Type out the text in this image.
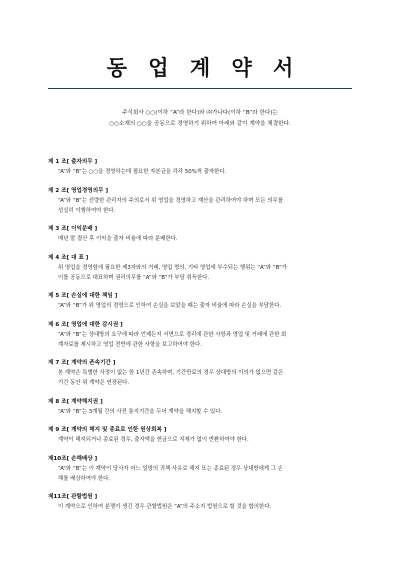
동 업 계 약 서
주식회사 ○○(이하 “A”라 한다)와 ㈜가나다(이하 “B”라 한다)는
○○소재의 ○○을 공동으로 경영하기 위하여 아래와 같이 계약을 체결한다.
제 1 조[ 출자의무 ]
“A”와 “B”는 ○○을 경영하는데 필요한 자본금을 각각 50%씩 출자한다.
제 2 조[ 영업경영의무 ]
“A”와 “B”는 선량한 관리자의 주의로서 위 영업을 경영하고 재산을 관리하여야 하며 모든 의무를
성실히 이행하여야 한다.
제 3 조[ 이익분배 ]
매년 말 결산 후 이익을 출자 비율에 따라 분배한다.
제 4 조[ 대 표 ]
위 영업을 경영함에 필요한 제3자와의 거래, 영업 명의, 기타 영업에 부수되는 행위는 “A”와 “B”가
이를 공동으로 대표하며 권리의무를 “A”와 “B”가 부담 취득한다.
제 5 조[ 손실에 대한 책임 ]
“A”와 “B”가 위 영업의 경영으로 인하여 손실을 보았을 때는 출자 비율에 따라 손실을 부담한다.
제 6 조[ 영업에 대한 감시권 ]
“A”와 “B”는 상대방의 요구에 따라 언제든지 서면으로 경리에 관한 사항과 영업 및 거래에 관한 회
계자료를 제시하고 영업 전반에 관한 사항을 보고하여야 한다.
제 7 조[ 계약의 존속기간 ]
본 계약은 특별한 사정이 없는 한 1년간 존속하며, 기간만료의 경우 상대방의 이의가 없으면 같은
기간 동안 위 계약은 연장된다.
제 8 조[ 계약해지권 ]
“A”와 “B”는 3개월 간의 사전 통지기간을 두어 계약을 해지할 수 있다.
제 9 조[ 계약의 해지 및 종료로 인한 원상회복 ]
계약이 해지되거나 종료된 경우, 출자액을 현금으로 지체가 없이 반환하여야 한다.
제10조[ 손해배상 ]
“A”와 “B”는 이 계약이 당사자 어느 일방의 귀책 사유로 해지 또는 종료된 경우 상대방에게 그 손
해를 배상하여야 한다.
제11조[ 관할법원 ]
이 계약으로 인하여 분쟁이 생긴 경우 관할법원은 “A”의 주소지 법원으로 할 것을 합의한다.
